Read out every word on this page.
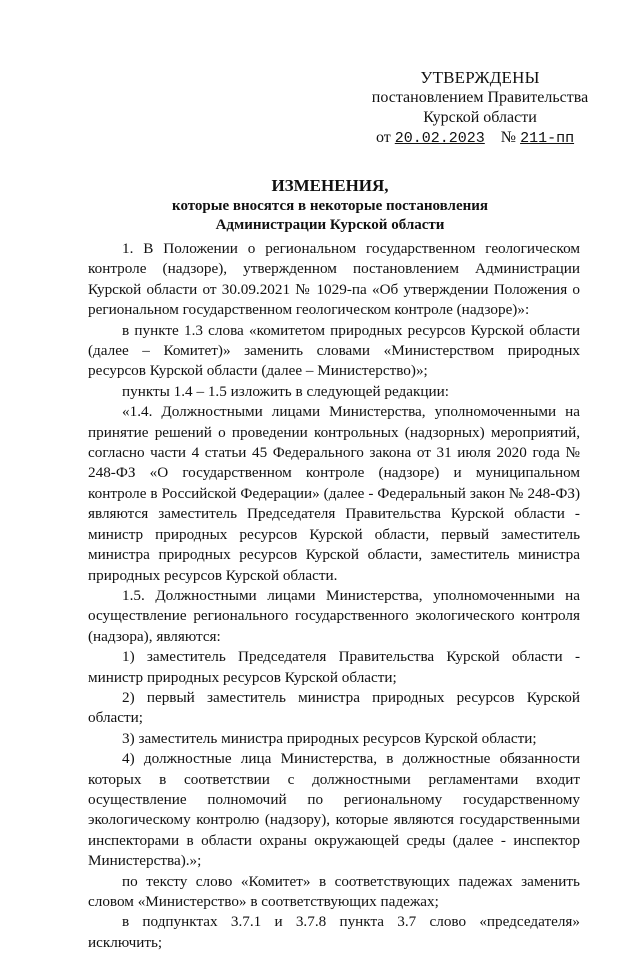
УТВЕРЖДЕНЫ
постановлением Правительства
Курской области
от 20.02.2023 № 211-пп
ИЗМЕНЕНИЯ,
которые вносятся в некоторые постановления
Администрации Курской области

1. В Положении о региональном государственном геологическом контроле (надзоре), утвержденном постановлением Администрации Курской области от 30.09.2021 № 1029-па «Об утверждении Положения о региональном государственном геологическом контроле (надзоре)»:

в пункте 1.3 слова «комитетом природных ресурсов Курской области (далее – Комитет)» заменить словами «Министерством природных ресурсов Курской области (далее – Министерство)»;

пункты 1.4 – 1.5 изложить в следующей редакции:

«1.4. Должностными лицами Министерства, уполномоченными на принятие решений о проведении контрольных (надзорных) мероприятий, согласно части 4 статьи 45 Федерального закона от 31 июля 2020 года № 248-ФЗ «О государственном контроле (надзоре) и муниципальном контроле в Российской Федерации» (далее - Федеральный закон № 248-ФЗ) являются заместитель Председателя Правительства Курской области - министр природных ресурсов Курской области, первый заместитель министра природных ресурсов Курской области, заместитель министра природных ресурсов Курской области.

1.5. Должностными лицами Министерства, уполномоченными на осуществление регионального государственного экологического контроля (надзора), являются:

1) заместитель Председателя Правительства Курской области - министр природных ресурсов Курской области;

2) первый заместитель министра природных ресурсов Курской области;

3) заместитель министра природных ресурсов Курской области;

4) должностные лица Министерства, в должностные обязанности которых в соответствии с должностными регламентами входит осуществление полномочий по региональному государственному экологическому контролю (надзору), которые являются государственными инспекторами в области охраны окружающей среды (далее - инспектор Министерства).»;

по тексту слово «Комитет» в соответствующих падежах заменить словом «Министерство» в соответствующих падежах;

в подпунктах 3.7.1 и 3.7.8 пункта 3.7 слово «председателя» исключить;
